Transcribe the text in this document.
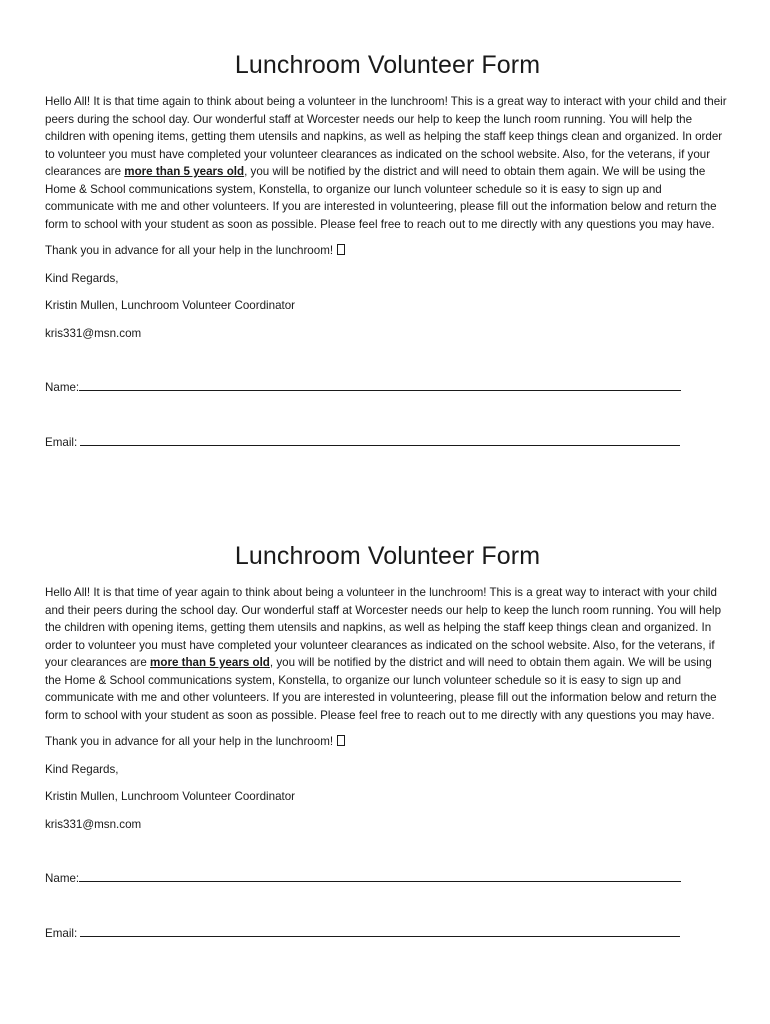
Lunchroom Volunteer Form

Hello All! It is that time again to think about being a volunteer in the lunchroom! This is a great way to interact with your child and their peers during the school day. Our wonderful staff at Worcester needs our help to keep the lunch room running. You will help the children with opening items, getting them utensils and napkins, as well as helping the staff keep things clean and organized. In order to volunteer you must have completed your volunteer clearances as indicated on the school website. Also, for the veterans, if your clearances are more than 5 years old, you will be notified by the district and will need to obtain them again. We will be using the Home & School communications system, Konstella, to organize our lunch volunteer schedule so it is easy to sign up and communicate with me and other volunteers. If you are interested in volunteering, please fill out the information below and return the form to school with your student as soon as possible. Please feel free to reach out to me directly with any questions you may have.

Thank you in advance for all your help in the lunchroom!

Kind Regards,

Kristin Mullen, Lunchroom Volunteer Coordinator

kris331@msn.com

Name:

Email:

Lunchroom Volunteer Form

Hello All! It is that time of year again to think about being a volunteer in the lunchroom! This is a great way to interact with your child and their peers during the school day. Our wonderful staff at Worcester needs our help to keep the lunch room running. You will help the children with opening items, getting them utensils and napkins, as well as helping the staff keep things clean and organized. In order to volunteer you must have completed your volunteer clearances as indicated on the school website. Also, for the veterans, if your clearances are more than 5 years old, you will be notified by the district and will need to obtain them again. We will be using the Home & School communications system, Konstella, to organize our lunch volunteer schedule so it is easy to sign up and communicate with me and other volunteers. If you are interested in volunteering, please fill out the information below and return the form to school with your student as soon as possible. Please feel free to reach out to me directly with any questions you may have.

Thank you in advance for all your help in the lunchroom!

Kind Regards,

Kristin Mullen, Lunchroom Volunteer Coordinator

kris331@msn.com

Name:

Email:
